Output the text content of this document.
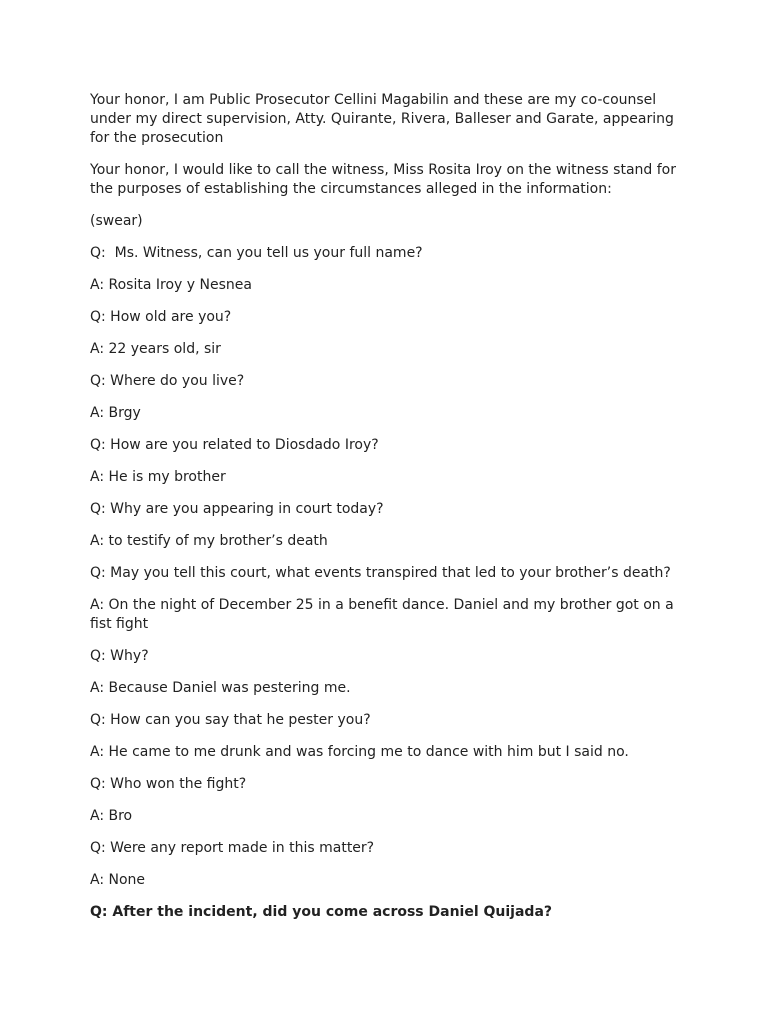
Your honor, I am Public Prosecutor Cellini Magabilin and these are my co-counsel under my direct supervision, Atty. Quirante, Rivera, Balleser and Garate, appearing for the prosecution

Your honor, I would like to call the witness, Miss Rosita Iroy on the witness stand for the purposes of establishing the circumstances alleged in the information:

(swear)

Q:  Ms. Witness, can you tell us your full name?

A: Rosita Iroy y Nesnea

Q: How old are you?

A: 22 years old, sir

Q: Where do you live?

A: Brgy

Q: How are you related to Diosdado Iroy?

A: He is my brother

Q: Why are you appearing in court today?

A: to testify of my brother’s death

Q: May you tell this court, what events transpired that led to your brother’s death?

A: On the night of December 25 in a benefit dance. Daniel and my brother got on a fist fight

Q: Why?

A: Because Daniel was pestering me.

Q: How can you say that he pester you?

A: He came to me drunk and was forcing me to dance with him but I said no.

Q: Who won the fight?

A: Bro

Q: Were any report made in this matter?

A: None

Q: After the incident, did you come across Daniel Quijada?
